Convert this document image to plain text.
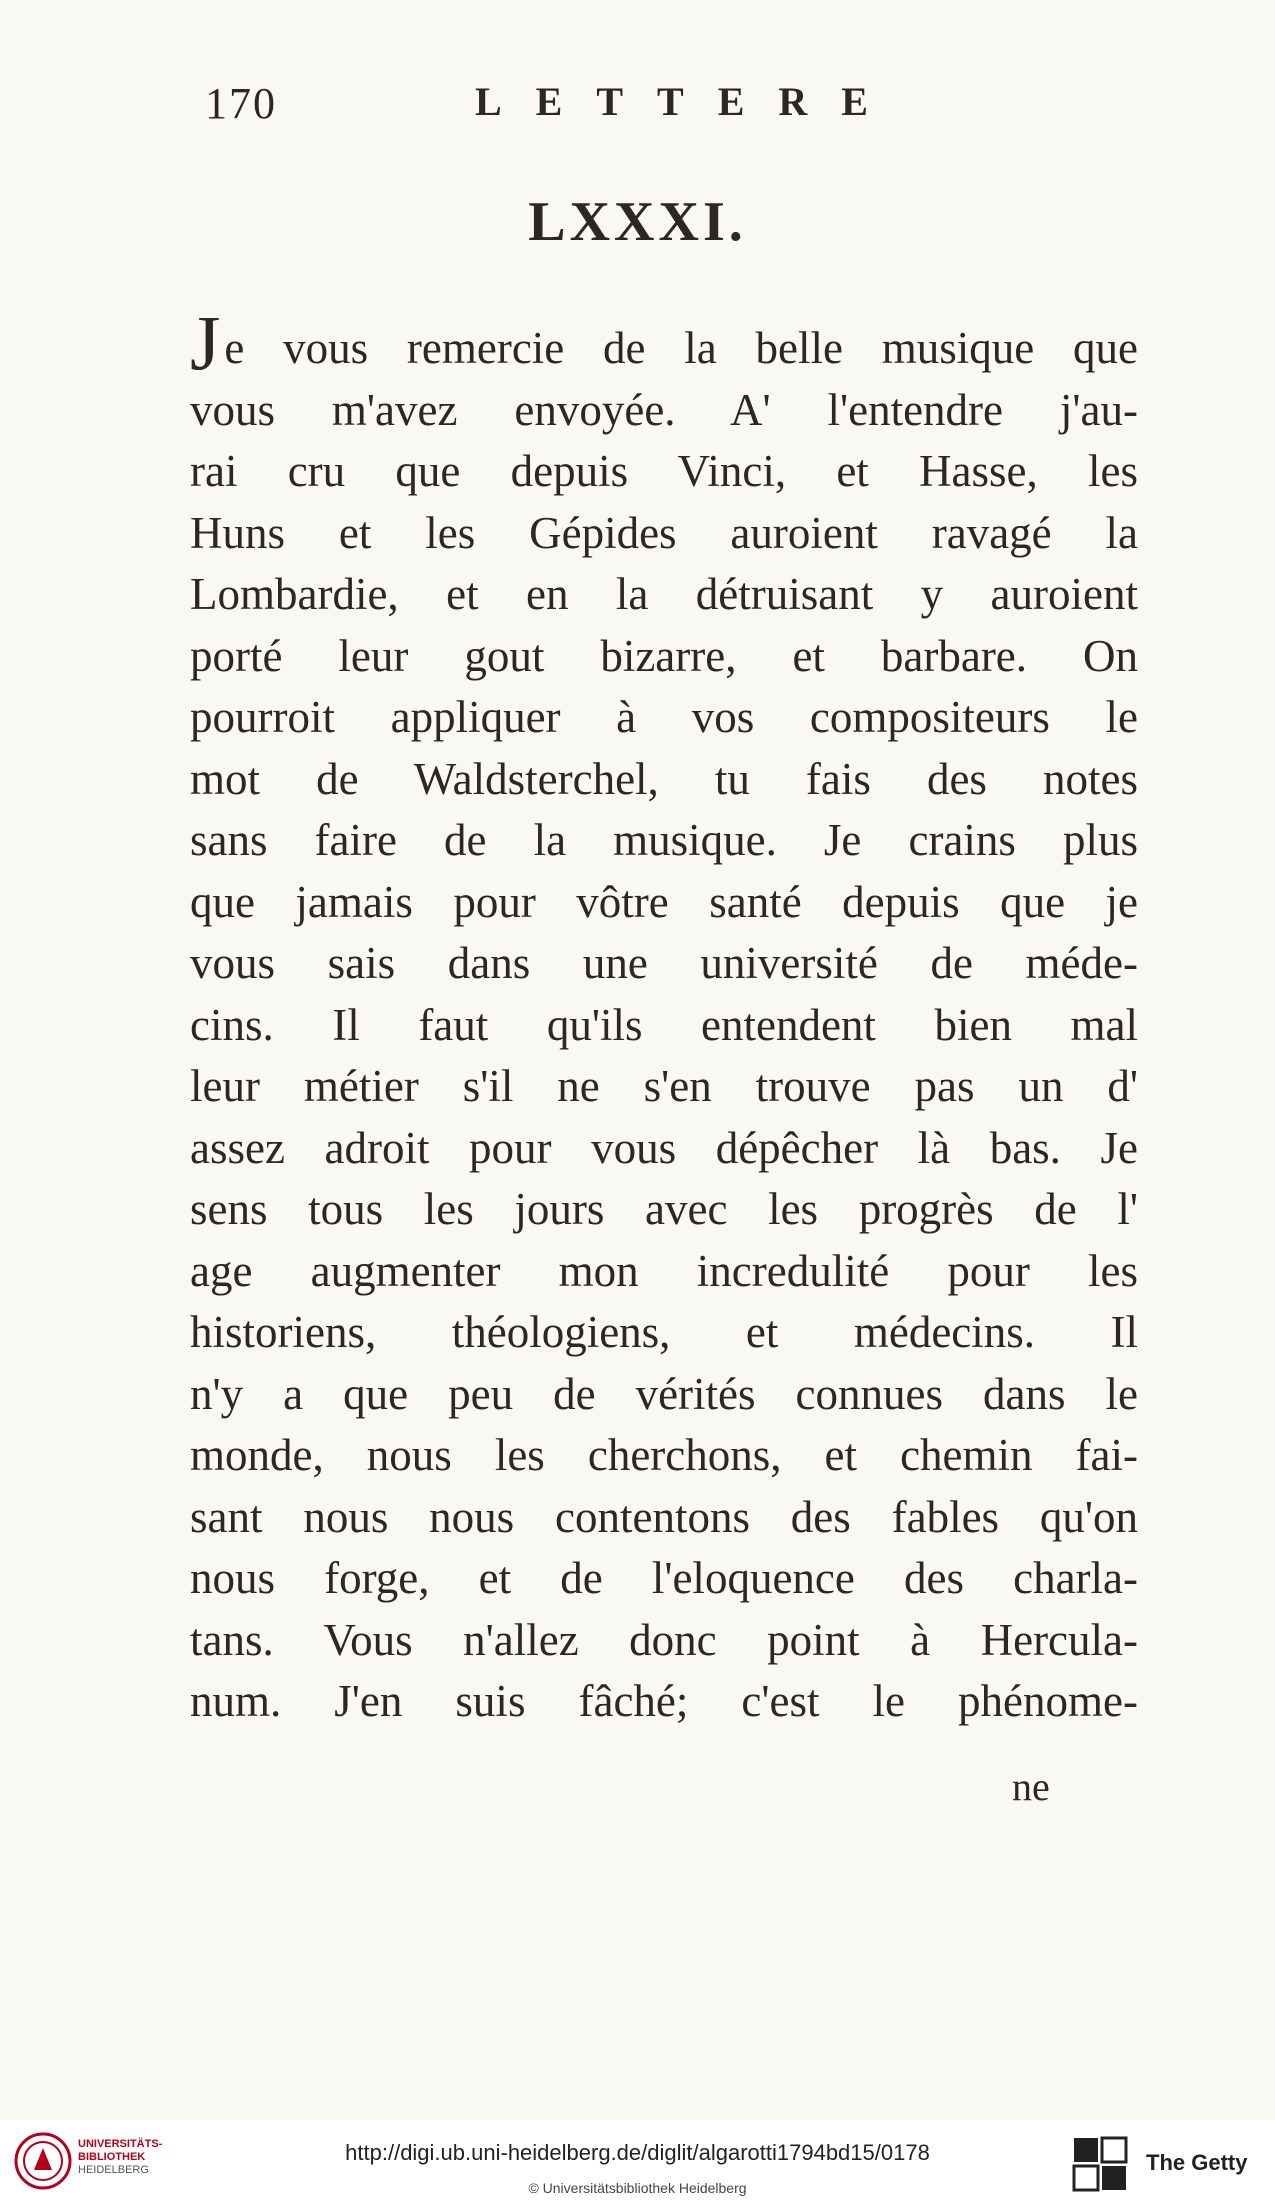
170	LETTERE
LXXXI.
Je vous remercie de la belle musique que
vous m'avez envoyée. A' l'entendre j'au-
rai cru que depuis Vinci, et Hasse, les
Huns et les Gépides auroient ravagé la
Lombardie, et en la détruisant y auroient
porté leur gout bizarre, et barbare. On
pourroit appliquer à vos compositeurs le
mot de Waldsterchel, tu fais des notes
sans faire de la musique. Je crains plus
que jamais pour vôtre santé depuis que je
vous sais dans une université de méde-
cins. Il faut qu'ils entendent bien mal
leur métier s'il ne s'en trouve pas un d'
assez adroit pour vous dépêcher là bas. Je
sens tous les jours avec les progrès de l'
age augmenter mon incredulité pour les
historiens, théologiens, et médecins. Il
n'y a que peu de vérités connues dans le
monde, nous les cherchons, et chemin fai-
sant nous nous contentons des fables qu'on
nous forge, et de l'eloquence des charla-
tans. Vous n'allez donc point à Hercula-
num. J'en suis fâché; c'est le phénome-
ne
UNIVERSITÄTS-
BIBLIOTHEK
HEIDELBERG
http://digi.ub.uni-heidelberg.de/diglit/algarotti1794bd15/0178
© Universitätsbibliothek Heidelberg
The Getty
